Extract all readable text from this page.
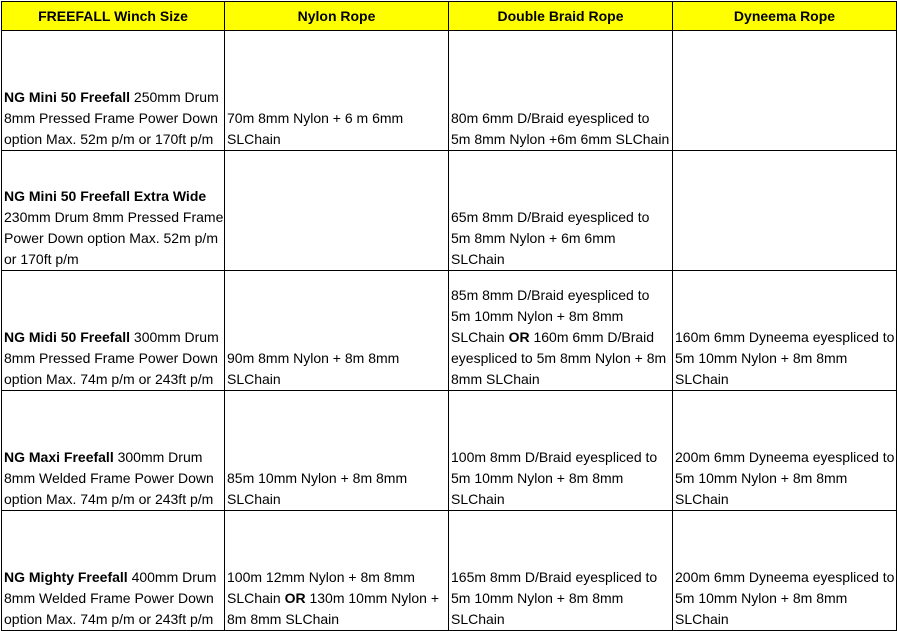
FREEFALL Winch Size	Nylon Rope	Double Braid Rope	Dyneema Rope
NG Mini 50 Freefall 250mm Drum 8mm Pressed Frame Power Down option Max. 52m p/m or 170ft p/m	70m 8mm Nylon + 6 m 6mm SLChain	80m 6mm D/Braid eyespliced to 5m 8mm Nylon +6m 6mm SLChain	
NG Mini 50 Freefall Extra Wide 230mm Drum 8mm Pressed Frame Power Down option Max. 52m p/m or 170ft p/m		65m 8mm D/Braid eyespliced to 5m 8mm Nylon + 6m 6mm SLChain	
NG Midi 50 Freefall 300mm Drum 8mm Pressed Frame Power Down option Max. 74m p/m or 243ft p/m	90m 8mm Nylon + 8m 8mm SLChain	85m 8mm D/Braid eyespliced to 5m 10mm Nylon + 8m 8mm SLChain OR 160m 6mm D/Braid eyespliced to 5m 8mm Nylon + 8m 8mm SLChain	160m 6mm Dyneema eyespliced to 5m 10mm Nylon + 8m 8mm SLChain
NG Maxi Freefall 300mm Drum 8mm Welded Frame Power Down option Max. 74m p/m or 243ft p/m	85m 10mm Nylon + 8m 8mm SLChain	100m 8mm D/Braid eyespliced to 5m 10mm Nylon + 8m 8mm SLChain	200m 6mm Dyneema eyespliced to 5m 10mm Nylon + 8m 8mm SLChain
NG Mighty Freefall 400mm Drum 8mm Welded Frame Power Down option Max. 74m p/m or 243ft p/m	100m 12mm Nylon + 8m 8mm SLChain OR 130m 10mm Nylon + 8m 8mm SLChain	165m 8mm D/Braid eyespliced to 5m 10mm Nylon + 8m 8mm SLChain	200m 6mm Dyneema eyespliced to 5m 10mm Nylon + 8m 8mm SLChain
